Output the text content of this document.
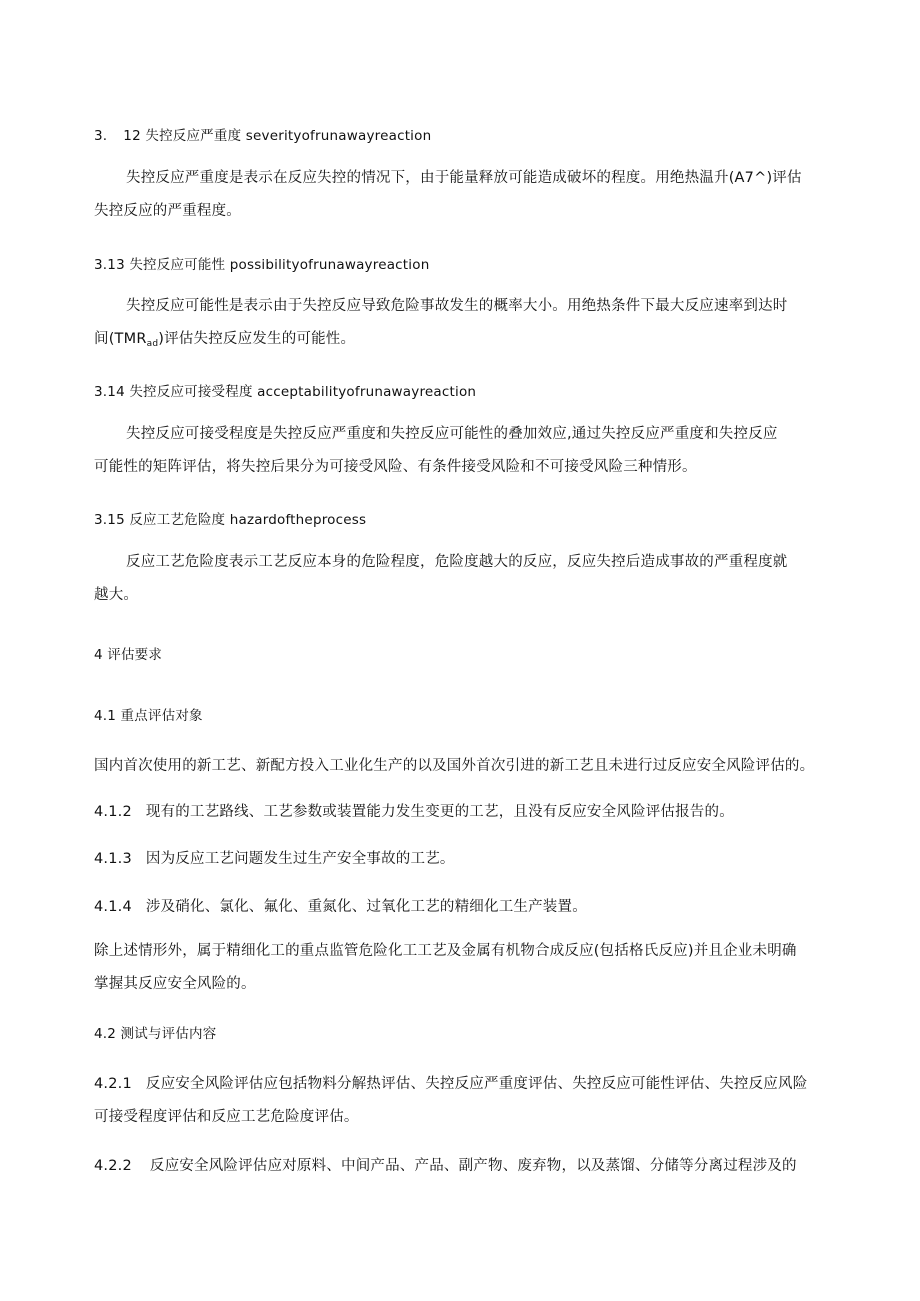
3. 12 失控反应严重度 severityofrunawayreaction
失控反应严重度是表示在反应失控的情况下，由于能量释放可能造成破坏的程度。用绝热温升(A7^)评估
失控反应的严重程度。
3.13 失控反应可能性 possibilityofrunawayreaction
失控反应可能性是表示由于失控反应导致危险事故发生的概率大小。用绝热条件下最大反应速率到达时
间$(TMR_{ad})$评估失控反应发生的可能性。
3.14 失控反应可接受程度 acceptabilityofrunawayreaction
失控反应可接受程度是失控反应严重度和失控反应可能性的叠加效应,通过失控反应严重度和失控反应
可能性的矩阵评估，将失控后果分为可接受风险、有条件接受风险和不可接受风险三种情形。
3.15 反应工艺危险度 hazardoftheprocess
反应工艺危险度表示工艺反应本身的危险程度，危险度越大的反应，反应失控后造成事故的严重程度就
越大。
4 评估要求
4.1 重点评估对象
国内首次使用的新工艺、新配方投入工业化生产的以及国外首次引进的新工艺且未进行过反应安全风险评估的。
4.1.2 现有的工艺路线、工艺参数或装置能力发生变更的工艺，且没有反应安全风险评估报告的。
4.1.3 因为反应工艺问题发生过生产安全事故的工艺。
4.1.4 涉及硝化、氯化、氟化、重氮化、过氧化工艺的精细化工生产装置。
除上述情形外，属于精细化工的重点监管危险化工工艺及金属有机物合成反应(包括格氏反应)并且企业未明确
掌握其反应安全风险的。
4.2 测试与评估内容
4.2.1 反应安全风险评估应包括物料分解热评估、失控反应严重度评估、失控反应可能性评估、失控反应风险
可接受程度评估和反应工艺危险度评估。
4.2.2 反应安全风险评估应对原料、中间产品、产品、副产物、废弃物，以及蒸馏、分储等分离过程涉及的
